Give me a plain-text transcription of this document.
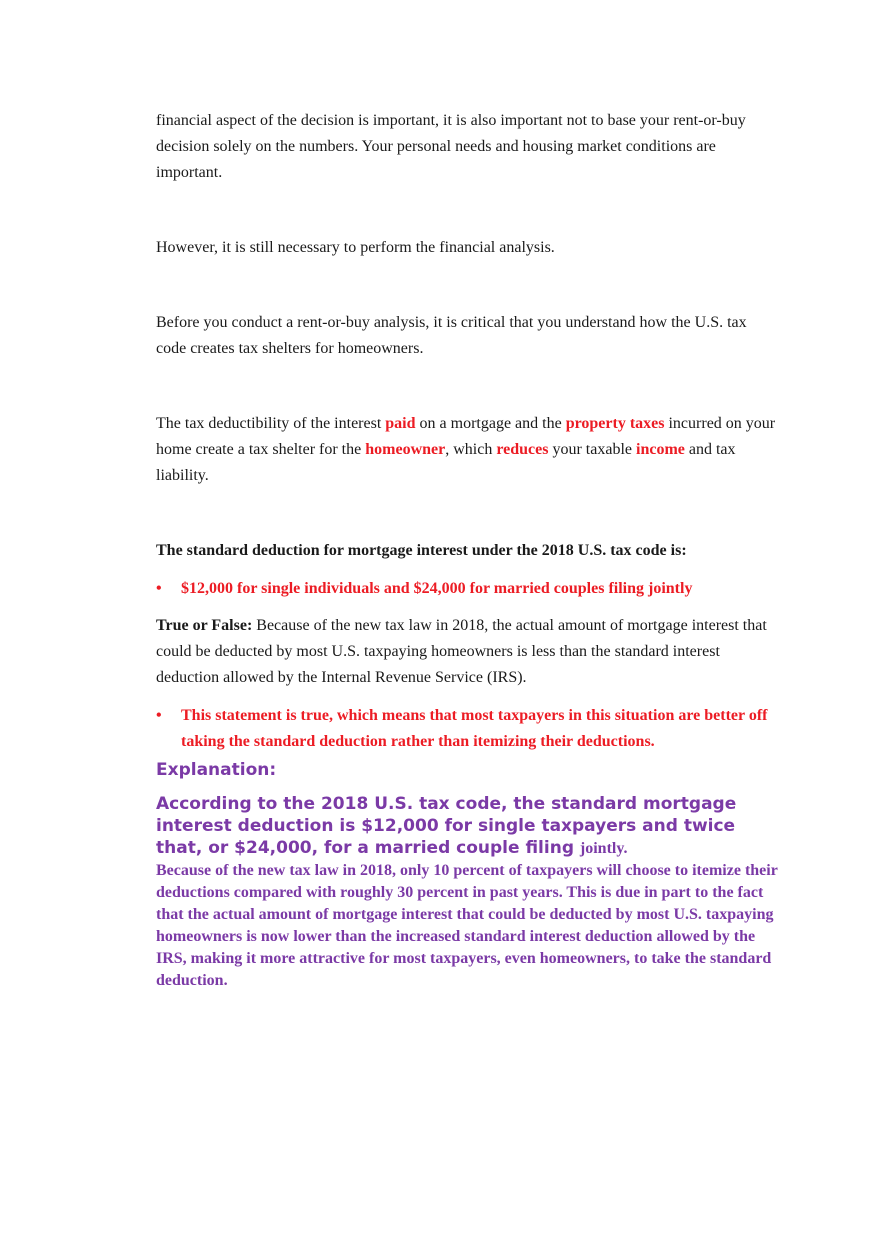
financial aspect of the decision is important, it is also important not to base your rent-or-buy decision solely on the numbers. Your personal needs and housing market conditions are important.

However, it is still necessary to perform the financial analysis.

Before you conduct a rent-or-buy analysis, it is critical that you understand how the U.S. tax code creates tax shelters for homeowners.

The tax deductibility of the interest paid on a mortgage and the property taxes incurred on your home create a tax shelter for the homeowner, which reduces your taxable income and tax liability.

The standard deduction for mortgage interest under the 2018 U.S. tax code is:

• $12,000 for single individuals and $24,000 for married couples filing jointly

True or False: Because of the new tax law in 2018, the actual amount of mortgage interest that could be deducted by most U.S. taxpaying homeowners is less than the standard interest deduction allowed by the Internal Revenue Service (IRS).

• This statement is true, which means that most taxpayers in this situation are better off taking the standard deduction rather than itemizing their deductions.
Explanation:
According to the 2018 U.S. tax code, the standard mortgage interest deduction is $12,000 for single taxpayers and twice that, or $24,000, for a married couple filing jointly.
Because of the new tax law in 2018, only 10 percent of taxpayers will choose to itemize their deductions compared with roughly 30 percent in past years. This is due in part to the fact that the actual amount of mortgage interest that could be deducted by most U.S. taxpaying homeowners is now lower than the increased standard interest deduction allowed by the IRS, making it more attractive for most taxpayers, even homeowners, to take the standard deduction.
